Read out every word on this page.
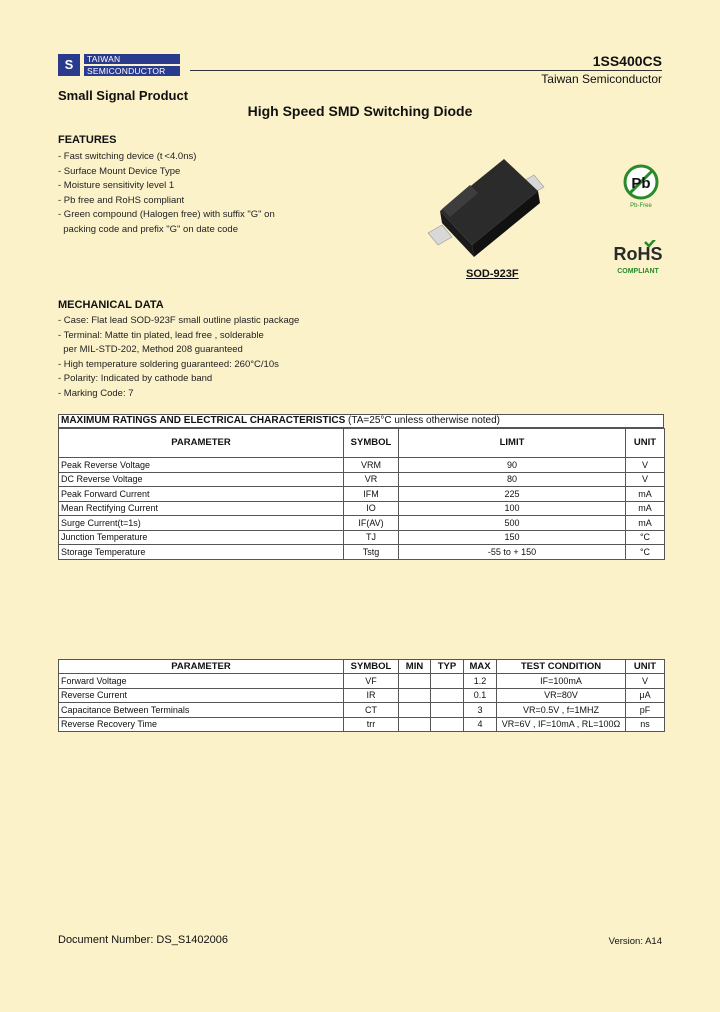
S	TAIWAN
SEMICONDUCTOR
1SS400CS
Taiwan Semiconductor
Small Signal Product
High Speed SMD Switching Diode
FEATURES
- Fast switching device (t <4.0ns)
- Surface Mount Device Type
- Moisture sensitivity level 1
- Pb free and RoHS compliant
- Green compound (Halogen free) with suffix "G" on
packing code and prefix "G" on date code
SOD-923F
Pb
Pb-Free
RoHS
COMPLIANT
MECHANICAL DATA
- Case: Flat lead SOD-923F small outline plastic package
- Terminal: Matte tin plated, lead free , solderable
per MIL-STD-202, Method 208 guaranteed
- High temperature soldering guaranteed: 260°C/10s
- Polarity: Indicated by cathode band
- Marking Code: 7
MAXIMUM RATINGS AND ELECTRICAL CHARACTERISTICS (TA=25°C unless otherwise noted)
PARAMETER	SYMBOL	LIMIT	UNIT
Peak Reverse Voltage	VRM	90	V
DC Reverse Voltage	VR	80	V
Peak Forward Current	IFM	225	mA
Mean Rectifying Current	IO	100	mA
Surge Current(t=1s)	IF(AV)	500	mA
Junction Temperature	TJ	150	°C
Storage Temperature	Tstg	-55 to + 150	°C
PARAMETER	SYMBOL	MIN	TYP	MAX	TEST CONDITION	UNIT
Forward Voltage	VF			1.2	IF=100mA	V
Reverse Current	IR			0.1	VR=80V	μA
Capacitance Between Terminals	CT			3	VR=0.5V , f=1MHZ	pF
Reverse Recovery Time	trr			4	VR=6V , IF=10mA , RL=100Ω	ns
Document Number: DS_S1402006	Version: A14
